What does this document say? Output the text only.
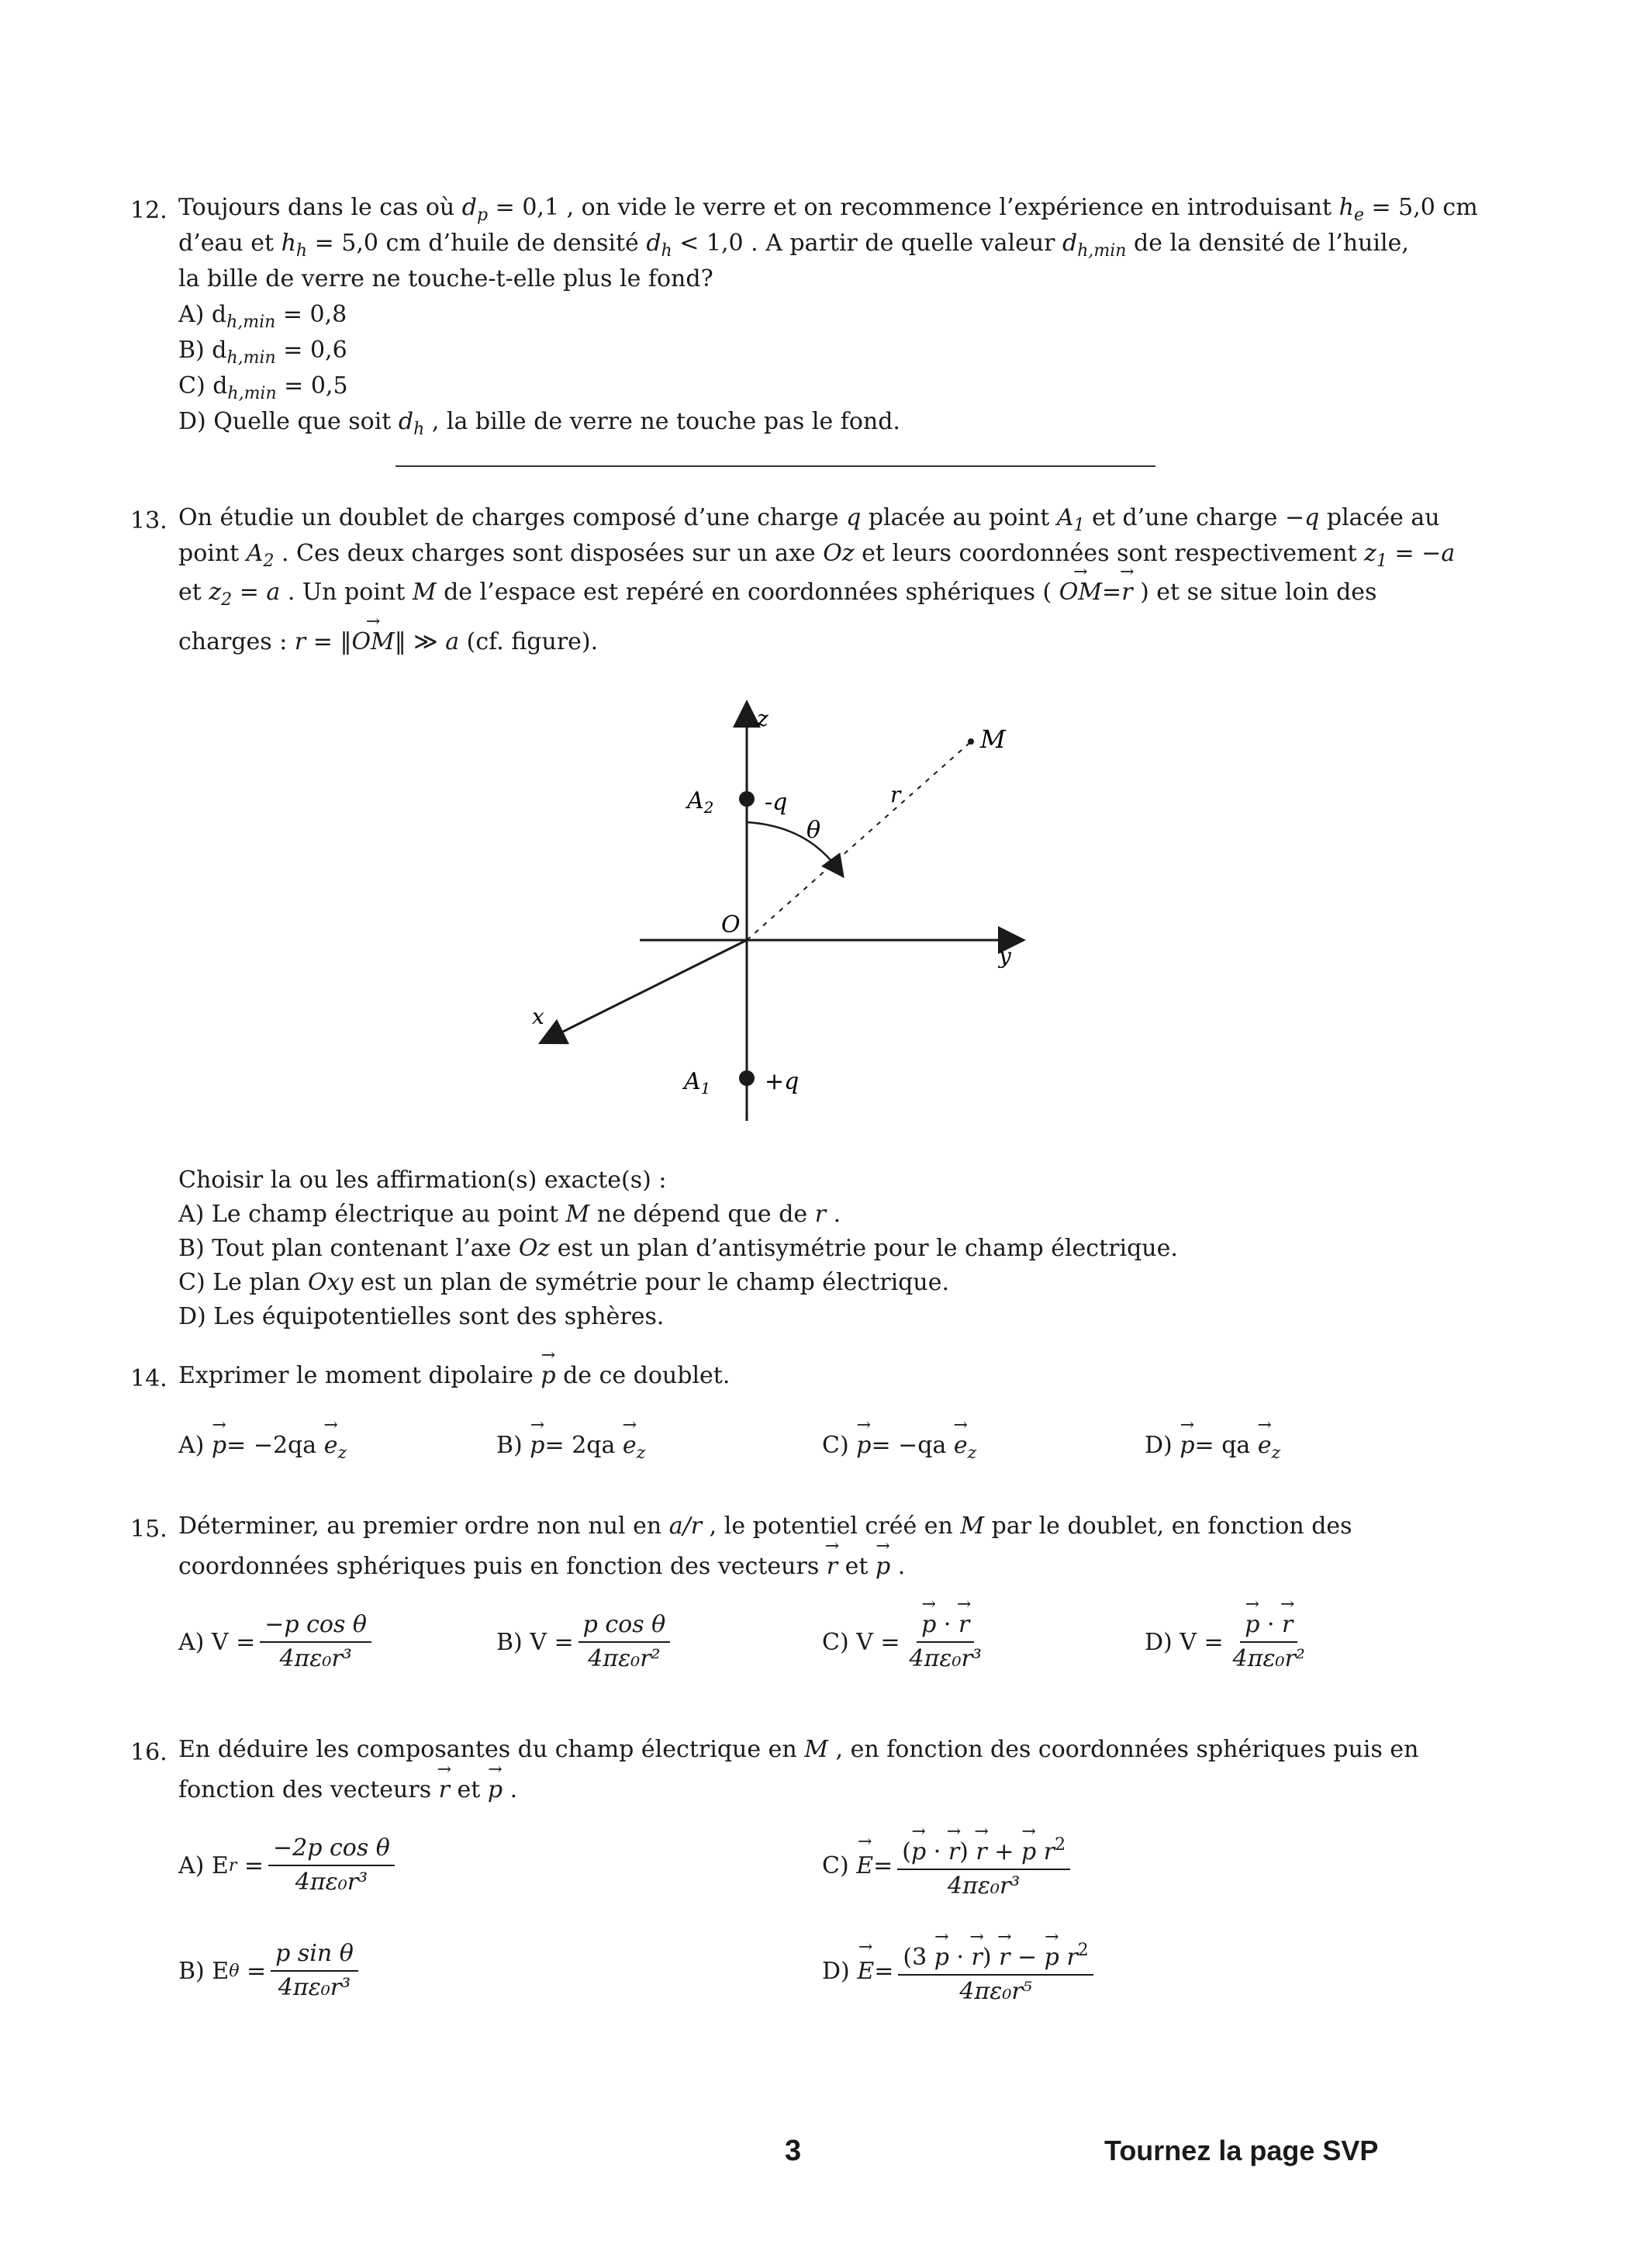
12. Toujours dans le cas où $d_p = 0,1$ , on vide le verre et on recommence l’expérience en introduisant $h_e = 5,0$ cm
d’eau et $h_h = 5,0$ cm d’huile de densité $d_h < 1,0$ . A partir de quelle valeur $d_{h,min}$ de la densité de l’huile,
la bille de verre ne touche-t-elle plus le fond?
A) $d_{h,min} = 0,8$
B) $d_{h,min} = 0,6$
C) $d_{h,min} = 0,5$
D) Quelle que soit $d_h$ , la bille de verre ne touche pas le fond.
13. On étudie un doublet de charges composé d’une charge q placée au point $A_1$ et d’une charge −q placée au
point $A_2$ . Ces deux charges sont disposées sur un axe Oz et leurs coordonnées sont respectivement $z_1 = -a$
et $z_2 = a$ . Un point M de l’espace est repéré en coordonnées sphériques ( → OM=→ r ) et se situe loin des
charges : r = ‖→ OM‖ ≫ a (cf. figure).
z
y
x
M
r
θ
O
$A_2$ -q
$A_1 +q$
Choisir la ou les affirmation(s) exacte(s) :
A) Le champ électrique au point M ne dépend que de r .
B) Tout plan contenant l’axe Oz est un plan d’antisymétrie pour le champ électrique.
C) Le plan Oxy est un plan de symétrie pour le champ électrique.
D) Les équipotentielles sont des sphères.
14. Exprimer le moment dipolaire → p de ce doublet.
$A) \to p= -2qa \to e_z$	$B) \to p= 2qa \to e_z$	$C) \to p= -qa \to e_z$	D) → p= qa → $e_z$
15. Déterminer, au premier ordre non nul en a/r , le potentiel créé en M par le doublet, en fonction des
coordonnées sphériques puis en fonction des vecteurs → r et → p .
A) $V = \frac{\text{−p cos θ}}{\text{4πε₀r³}}$	B) $V = \frac{\text{p cos θ}}{\text{4πε₀r²}}$	C) V = → $\frac{p \cdot \to r}{\text{4πε₀r³}}$	D) V = → $\frac{p \cdot \to r}{\text{4πε₀r²}}$
16. En déduire les composantes du champ électrique en M , en fonction des coordonnées sphériques puis en
fonction des vecteurs → r et → p .
A) E $r = \frac{\text{−2p cos θ}}{\text{4πε₀r³}}$
B) E $\theta = \frac{\text{p sin θ}}{\text{4πε₀r³}}$
C)
→ $E = \frac{(\to p \cdot \to r) \to r + \to p r^2}{\text{4πε₀r³}}$
D)
→ $E = \frac{(3 \to p \cdot \to r) \to r - \to p r^2}{\text{4πε₀r⁵}}$
3	Tournez la page SVP
